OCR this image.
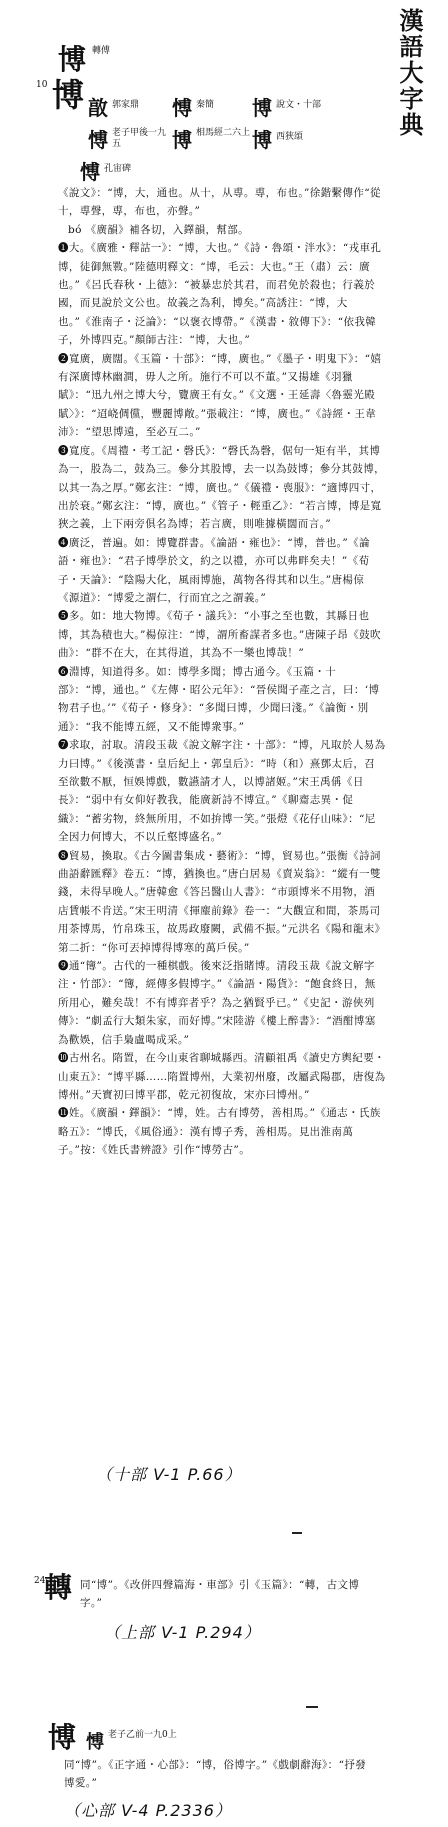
漢語大字典
博 轉傅
10 博 㪟 郭家鼎 愽 秦簡 博 說文・十部
愽 老子甲後一九五	博 相馬經二六上 博 西狹頌
愽 孔宙碑
《說文》：“博，大，通也。从十，从尃。尃，布也。”徐鍇繫傳作“從十，尃聲，尃，布也，亦聲。”
bó 《廣韻》補各切，入鐸韻，幫部。
❶大。《廣雅・釋詁一》：“博，大也。”《詩・魯頌・泮水》：“戎車孔博，徒御無斁。”陸德明釋文：“博，毛云：大也。”王（肅）云：廣也。”《呂氏春秋・上德》：“被暴忠於其君，而君免於殺也；行義於國，而見說於文公也。故義之為利，博矣。”高誘注：“博，大也。”《淮南子・泛論》：“以褒衣博帶。”《漢書・敘傳下》：“依我韓子，外博四克。”顏師古注：“博，大也。”
❷寬廣，廣闊。《玉篇・十部》：“博，廣也。”《墨子・明鬼下》：“嬉有深廣博林幽澗，毋人之所。施行不可以不董。”又揚雄《羽獵賦》：“迅九州之博大兮，覽廣王有女。”《文選・王延壽〈魯靈光殿賦〉》：“迢峣倜儻，豐麗博敞。”張載注：“博，廣也。”《詩經・王韋沛》：“望思博遠，至必互二。”
❸寬度。《周禮・考工記・磬氏》：“磬氏為磬，倨句一矩有半，其博為一，股為二，鼓為三。參分其股博，去一以為鼓博；參分其鼓博，以其一為之厚。”鄭玄注：“博，廣也。”《儀禮・喪服》：“適博四寸，出於衰。”鄭玄注：“博，廣也。”《管子・輕重乙》：“若言博，博是寬狹之義，上下兩旁俱名為博；若言廣，則唯據橫闊而言。”
❹廣泛，普遍。如：博覽群書。《論語・雍也》：“博，普也。”《論語・雍也》：“君子博學於文，約之以禮，亦可以弗畔矣夫！”《荀子・天論》：“陰陽大化，風雨博施，萬物各得其和以生。”唐楊倞《源道》：“博愛之謂仁，行而宜之之謂義。”
❺多。如：地大物博。《荀子・議兵》：“小事之至也數，其縣日也博，其為積也大。”楊倞注：“博，謂所畜謀者多也。”唐陳子昂《鼓吹曲》：“群不在大，在其得道，其為不一樂也博哉！”
❻淵博，知道得多。如：博學多聞；博古通今。《玉篇・十部》：“博，通也。”《左傳・昭公元年》：“晉侯聞子產之言，曰：‘博物君子也。’”《荀子・修身》：“多聞曰博，少聞曰淺。”《論衡・別通》：“我不能博五經，又不能博衆事。”
❼求取，討取。清段玉裁《說文解字注・十部》：“博，凡取於人易為力曰博。”《後漢書・皇后紀上・郭皇后》：“時（和）熹鄧太后，召至欲數不厭，恒娛博戲，數讌請才人，以博諸姬。”宋王禹偁《日長》：“弱中有女仰好教我，能廣新詩不博宣。”《聊齋志異・促織》：“蓄劣物，終無所用，不如拚博一笑。”張燈《花仔山味》：“尼全因力何博大，不以丘壑博盛名。”
❽貿易，換取。《古今圖書集成・藝術》：“博，貿易也。”張衡《詩詞曲語辭匯釋》卷五：“博，猶換也。”唐白居易《賣炭翁》：“縱有一雙錢，未得早晚人。”唐韓愈《答呂醫山人書》：“市頭博米不用物，酒店賃帳不肯送。”宋王明清《揮麈前錄》卷一：“大觀宣和間，茶馬司用茶博馬，竹帛珠玉，故馬政廢闕，武備不振。”元洪名《陽和龍末》第二折：“你可丟掉博得博寒的萬戶侯。”
❾通“簙”。古代的一種棋戲。後來泛指賭博。清段玉裁《說文解字注・竹部》：“簙，經傳多假博字。”《論語・陽貨》：“飽食終日，無所用心，難矣哉！不有博弈者乎？為之猶賢乎已。”《史記・游俠列傳》：“劇孟行大類朱家，而好博。”宋陸游《樓上醉書》：“酒酣博塞為歡娛，信手梟盧喝成采。”
❿古州名。隋置，在今山東省聊城縣西。清顧祖禹《讀史方輿紀要・山東五》：“博平縣……隋置博州，大業初州廢，改屬武陽郡，唐復為博州。”天寶初曰博平郡，乾元初復故，宋亦曰博州。”
⓫姓。《廣韻・鐸韻》：“博，姓。古有博勞，善相馬。”《通志・氏族略五》：“博氏，《風俗通》：漢有博子秀，善相馬。見出淮南萬子。”按：《姓氏書辨證》引作“博勞古”。
（十部 V-1 P.66）
24
轉 同“博”。《改併四聲篇海・車部》引《玉篇》：“轉，古文博字。”
（上部 V-1 P.294）
博 愽 老子乙前一九0上
同“博”。《正字通・心部》：“博，俗博字。”《戲劇辭海》：“抒發博愛。”
（心部 V-4 P.2336）
